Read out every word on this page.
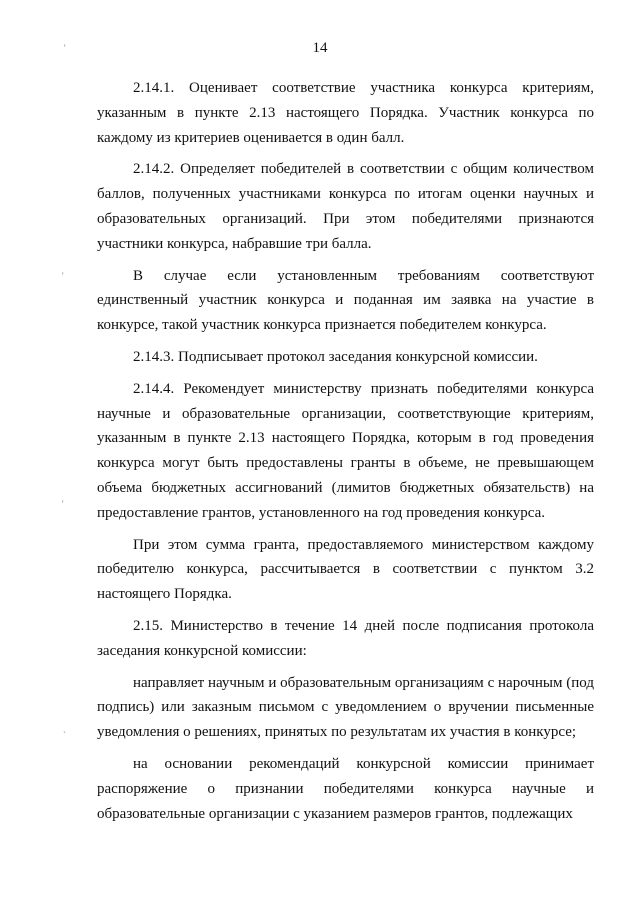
14

2.14.1. Оценивает соответствие участника конкурса критериям, указанным в пункте 2.13 настоящего Порядка. Участник конкурса по каждому из критериев оценивается в один балл.

2.14.2. Определяет победителей в соответствии с общим количеством баллов, полученных участниками конкурса по итогам оценки научных и образовательных организаций. При этом победителями признаются участники конкурса, набравшие три балла.

В случае если установленным требованиям соответствуют единственный участник конкурса и поданная им заявка на участие в конкурсе, такой участник конкурса признается победителем конкурса.

2.14.3. Подписывает протокол заседания конкурсной комиссии.

2.14.4. Рекомендует министерству признать победителями конкурса научные и образовательные организации, соответствующие критериям, указанным в пункте 2.13 настоящего Порядка, которым в год проведения конкурса могут быть предоставлены гранты в объеме, не превышающем объема бюджетных ассигнований (лимитов бюджетных обязательств) на предоставление грантов, установленного на год проведения конкурса.

При этом сумма гранта, предоставляемого министерством каждому победителю конкурса, рассчитывается в соответствии с пунктом 3.2 настоящего Порядка.

2.15. Министерство в течение 14 дней после подписания протокола заседания конкурсной комиссии:

направляет научным и образовательным организациям с нарочным (под подпись) или заказным письмом с уведомлением о вручении письменные уведомления о решениях, принятых по результатам их участия в конкурсе;

на основании рекомендаций конкурсной комиссии принимает распоряжение о признании победителями конкурса научные и образовательные организации с указанием размеров грантов, подлежащих

'
'
'
`
